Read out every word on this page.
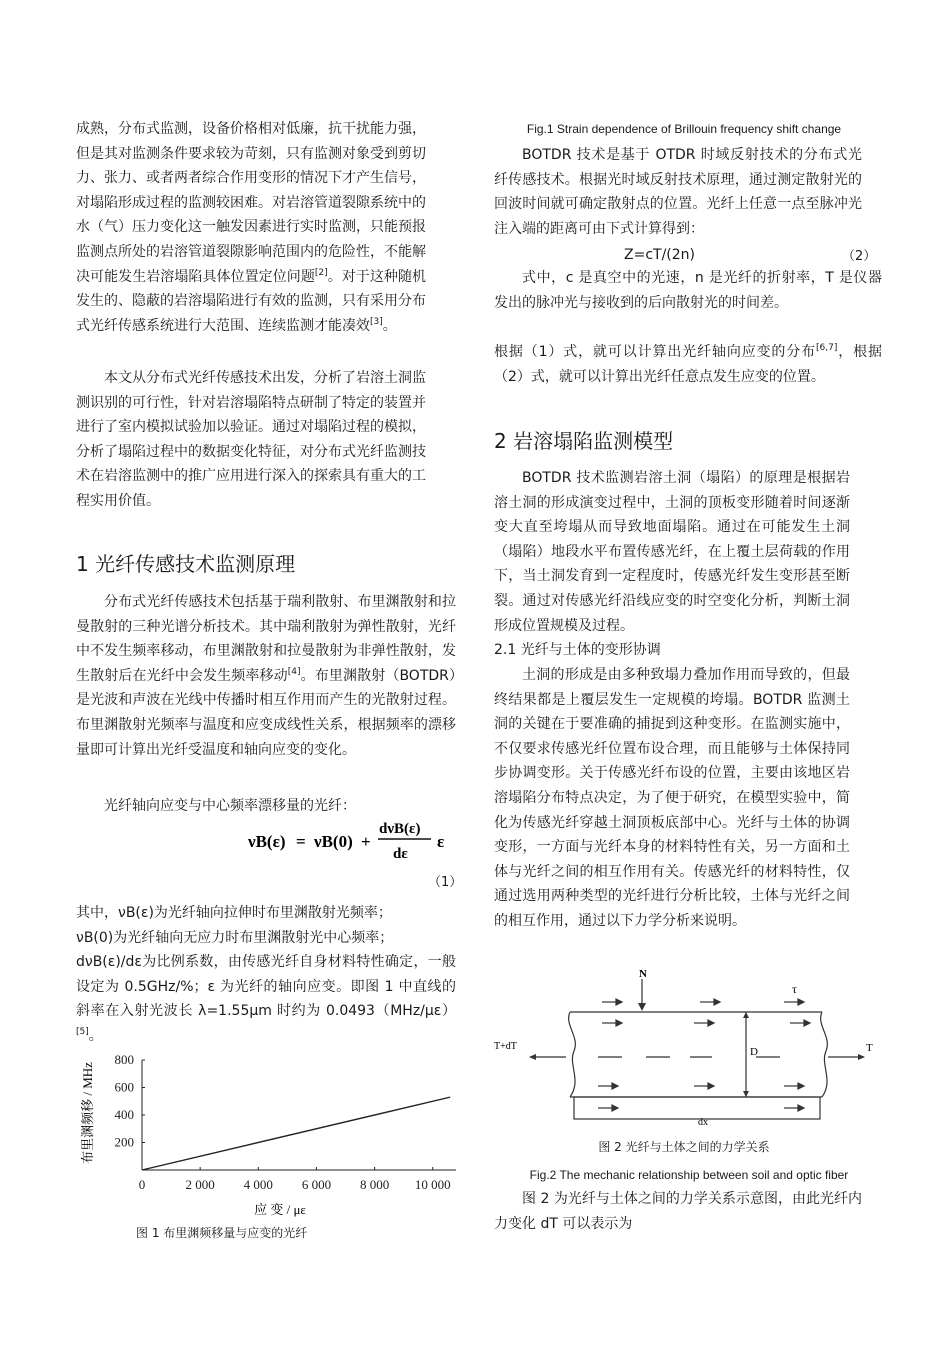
成熟，分布式监测，设备价格相对低廉，抗干扰能力强，但是其对监测条件要求较为苛刻，只有监测对象受到剪切力、张力、或者两者综合作用变形的情况下才产生信号，对塌陷形成过程的监测较困难。对岩溶管道裂隙系统中的水（气）压力变化这一触发因素进行实时监测，只能预报监测点所处的岩溶管道裂隙影响范围内的危险性，不能解决可能发生岩溶塌陷具体位置定位问题[2]。对于这种随机发生的、隐蔽的岩溶塌陷进行有效的监测，只有采用分布式光纤传感系统进行大范围、连续监测才能凑效[3]。

本文从分布式光纤传感技术出发，分析了岩溶土洞监测识别的可行性，针对岩溶塌陷特点研制了特定的装置并进行了室内模拟试验加以验证。通过对塌陷过程的模拟，分析了塌陷过程中的数据变化特征，对分布式光纤监测技术在岩溶监测中的推广应用进行深入的探索具有重大的工程实用价值。

1 光纤传感技术监测原理

分布式光纤传感技术包括基于瑞利散射、布里渊散射和拉曼散射的三种光谱分析技术。其中瑞利散射为弹性散射，光纤中不发生频率移动，布里渊散射和拉曼散射为非弹性散射，发生散射后在光纤中会发生频率移动[4]。布里渊散射（BOTDR）是光波和声波在光线中传播时相互作用而产生的光散射过程。布里渊散射光频率与温度和应变成线性关系，根据频率的漂移量即可计算出光纤受温度和轴向应变的变化。

光纤轴向应变与中心频率漂移量的光纤：

νB(ε) = νB(0) +
dνB(ε)
dε
ε
（1）

其中，νB(ε)为光纤轴向拉伸时布里渊散射光频率；

νB(0)为光纤轴向无应力时布里渊散射光中心频率；

dνB(ε)/dε为比例系数，由传感光纤自身材料特性确定，一般设定为 0.5GHz/%；ε 为光纤的轴向应变。即图 1 中直线的斜率在入射光波长 λ=1.55μm 时约为 0.0493（MHz/με）[5]。

0	2 000 4 000 6 000 8 000 10 000
200
400
600
800
布里渊频移 / MHz
应 变 / με
图 1 布里渊频移量与应变的光纤
Fig.1 Strain dependence of Brillouin frequency shift change

BOTDR 技术是基于 OTDR 时域反射技术的分布式光纤传感技术。根据光时域反射技术原理，通过测定散射光的回波时间就可确定散射点的位置。光纤上任意一点至脉冲光注入端的距离可由下式计算得到：

Z=cT/(2n)	（2）

式中，c 是真空中的光速，n 是光纤的折射率，T 是仪器发出的脉冲光与接收到的后向散射光的时间差。

根据（1）式，就可以计算出光纤轴向应变的分布[6,7]，根据（2）式，就可以计算出光纤任意点发生应变的位置。

2 岩溶塌陷监测模型

BOTDR 技术监测岩溶土洞（塌陷）的原理是根据岩溶土洞的形成演变过程中，土洞的顶板变形随着时间逐渐变大直至垮塌从而导致地面塌陷。通过在可能发生土洞（塌陷）地段水平布置传感光纤，在上覆土层荷载的作用下，当土洞发育到一定程度时，传感光纤发生变形甚至断裂。通过对传感光纤沿线应变的时空变化分析，判断土洞形成位置规模及过程。

2.1 光纤与土体的变形协调

土洞的形成是由多种致塌力叠加作用而导致的，但最终结果都是上覆层发生一定规模的垮塌。BOTDR 监测土洞的关键在于要准确的捕捉到这种变形。在监测实施中，不仅要求传感光纤位置布设合理，而且能够与土体保持同步协调变形。关于传感光纤布设的位置，主要由该地区岩溶塌陷分布特点决定，为了便于研究，在模型实验中，简化为传感光纤穿越土洞顶板底部中心。光纤与土体的协调变形，一方面与光纤本身的材料特性有关，另一方面和土体与光纤之间的相互作用有关。传感光纤的材料特性，仅通过选用两种类型的光纤进行分析比较，土体与光纤之间的相互作用，通过以下力学分析来说明。

N
τ
D
T+dT	T
dx
图 2 光纤与土体之间的力学关系
Fig.2 The mechanic relationship between soil and optic fiber

图 2 为光纤与土体之间的力学关系示意图，由此光纤内力变化 dT 可以表示为
